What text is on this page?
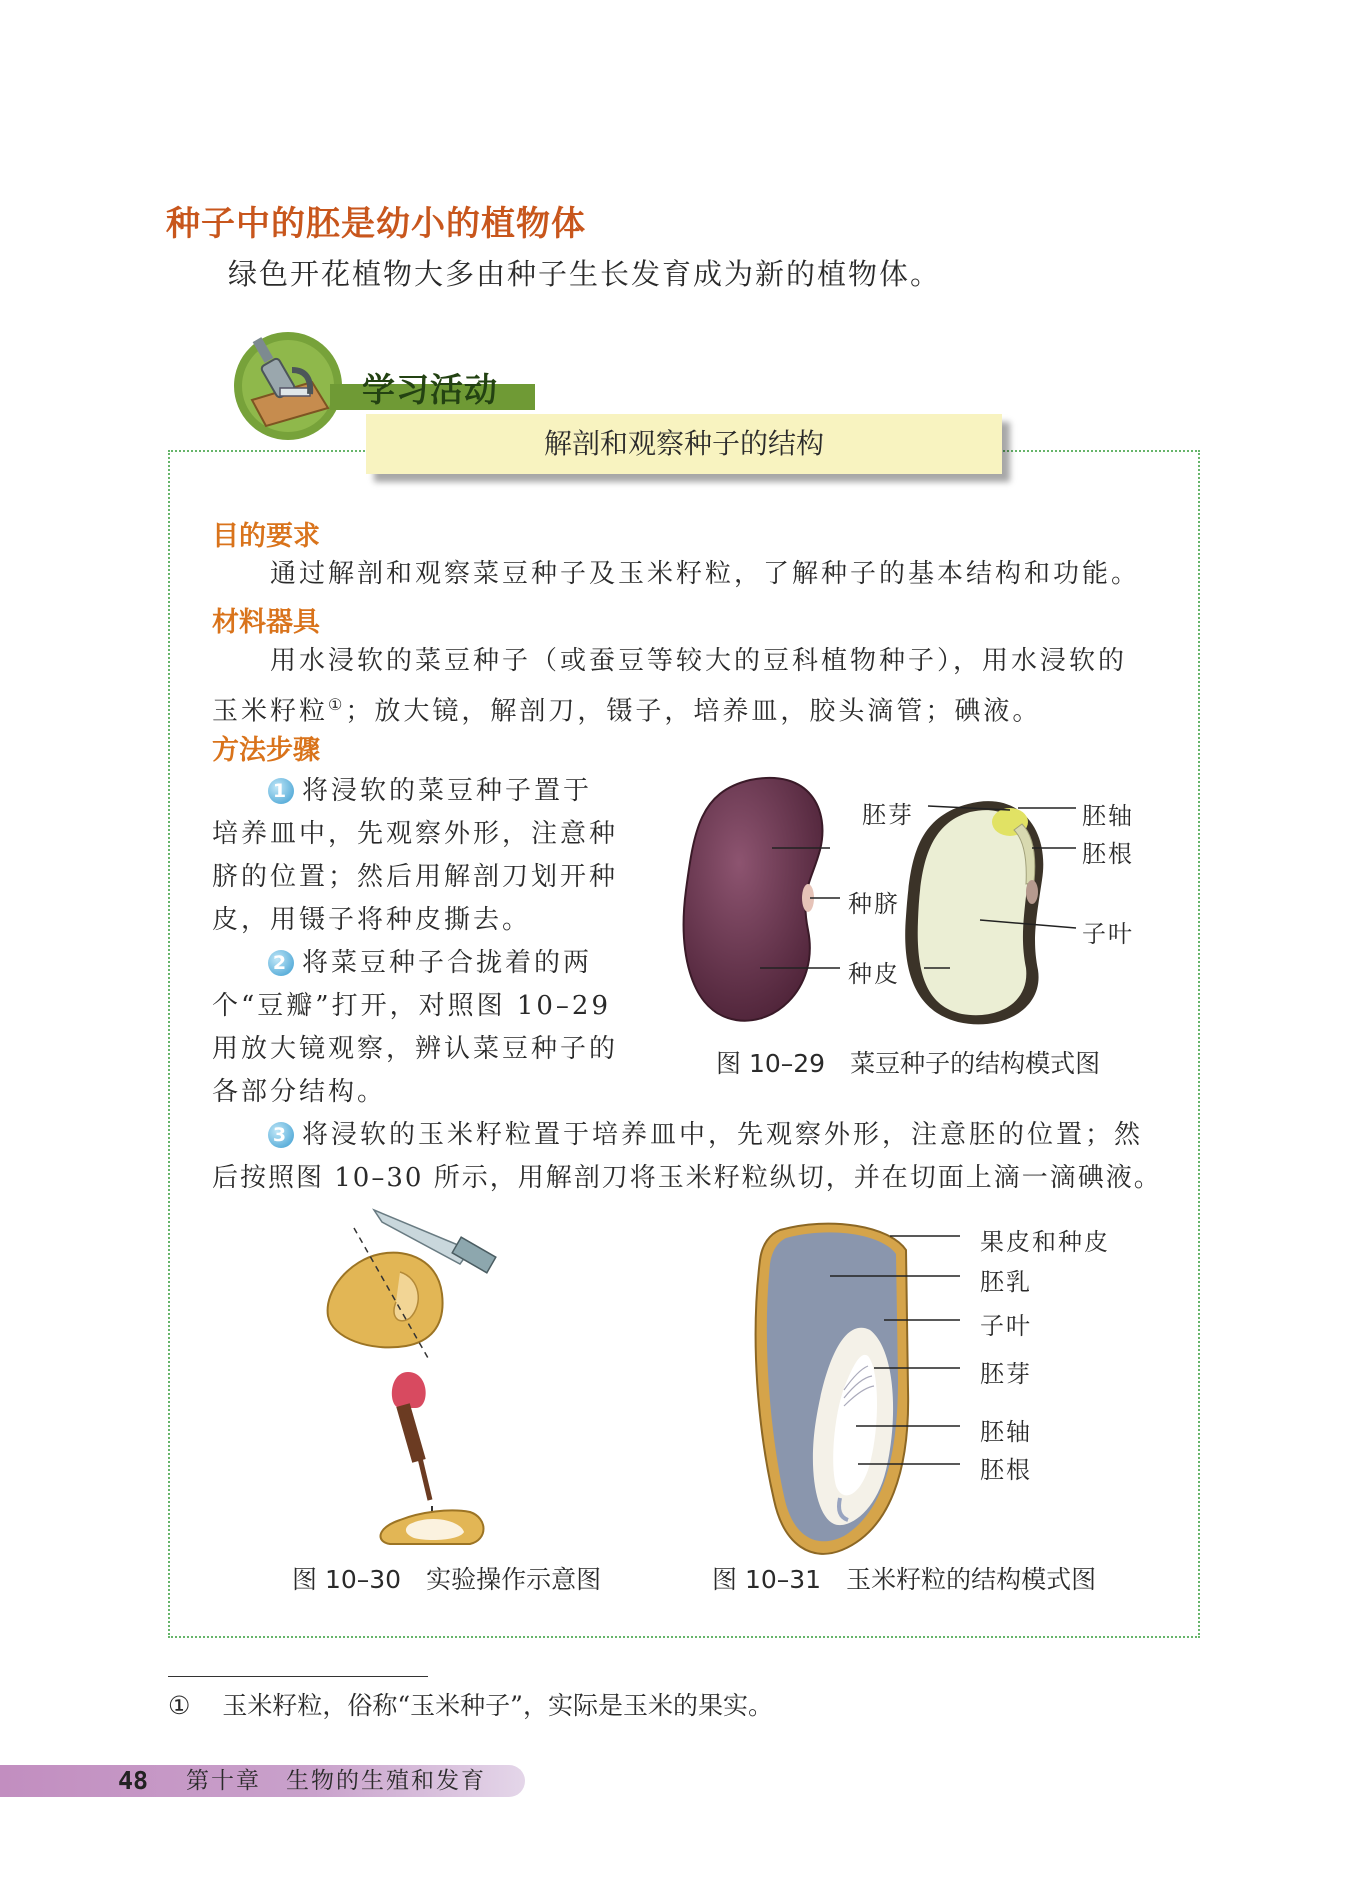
种子中的胚是幼小的植物体
绿色开花植物大多由种子生长发育成为新的植物体。
学习活动
解剖和观察种子的结构
目的要求
通过解剖和观察菜豆种子及玉米籽粒，了解种子的基本结构和功能。
材料器具
用水浸软的菜豆种子（或蚕豆等较大的豆科植物种子），用水浸软的
玉米籽粒①；放大镜，解剖刀，镊子，培养皿，胶头滴管；碘液。
方法步骤
1 将浸软的菜豆种子置于
培养皿中，先观察外形，注意种
脐的位置；然后用解剖刀划开种
皮，用镊子将种皮撕去。
2 将菜豆种子合拢着的两
个“豆瓣”打开，对照图 10–29
用放大镜观察，辨认菜豆种子的
各部分结构。
3 将浸软的玉米籽粒置于培养皿中，先观察外形，注意胚的位置；然
后按照图 10–30 所示，用解剖刀将玉米籽粒纵切，并在切面上滴一滴碘液。
胚芽
种脐
种皮
胚轴
胚根
子叶
图 10–29　菜豆种子的结构模式图
图 10–30　实验操作示意图
果皮和种皮
胚乳
子叶
胚芽
胚轴
胚根
图 10–31　玉米籽粒的结构模式图
① 玉米籽粒，俗称“玉米种子”，实际是玉米的果实。
48	第十章　生物的生殖和发育
